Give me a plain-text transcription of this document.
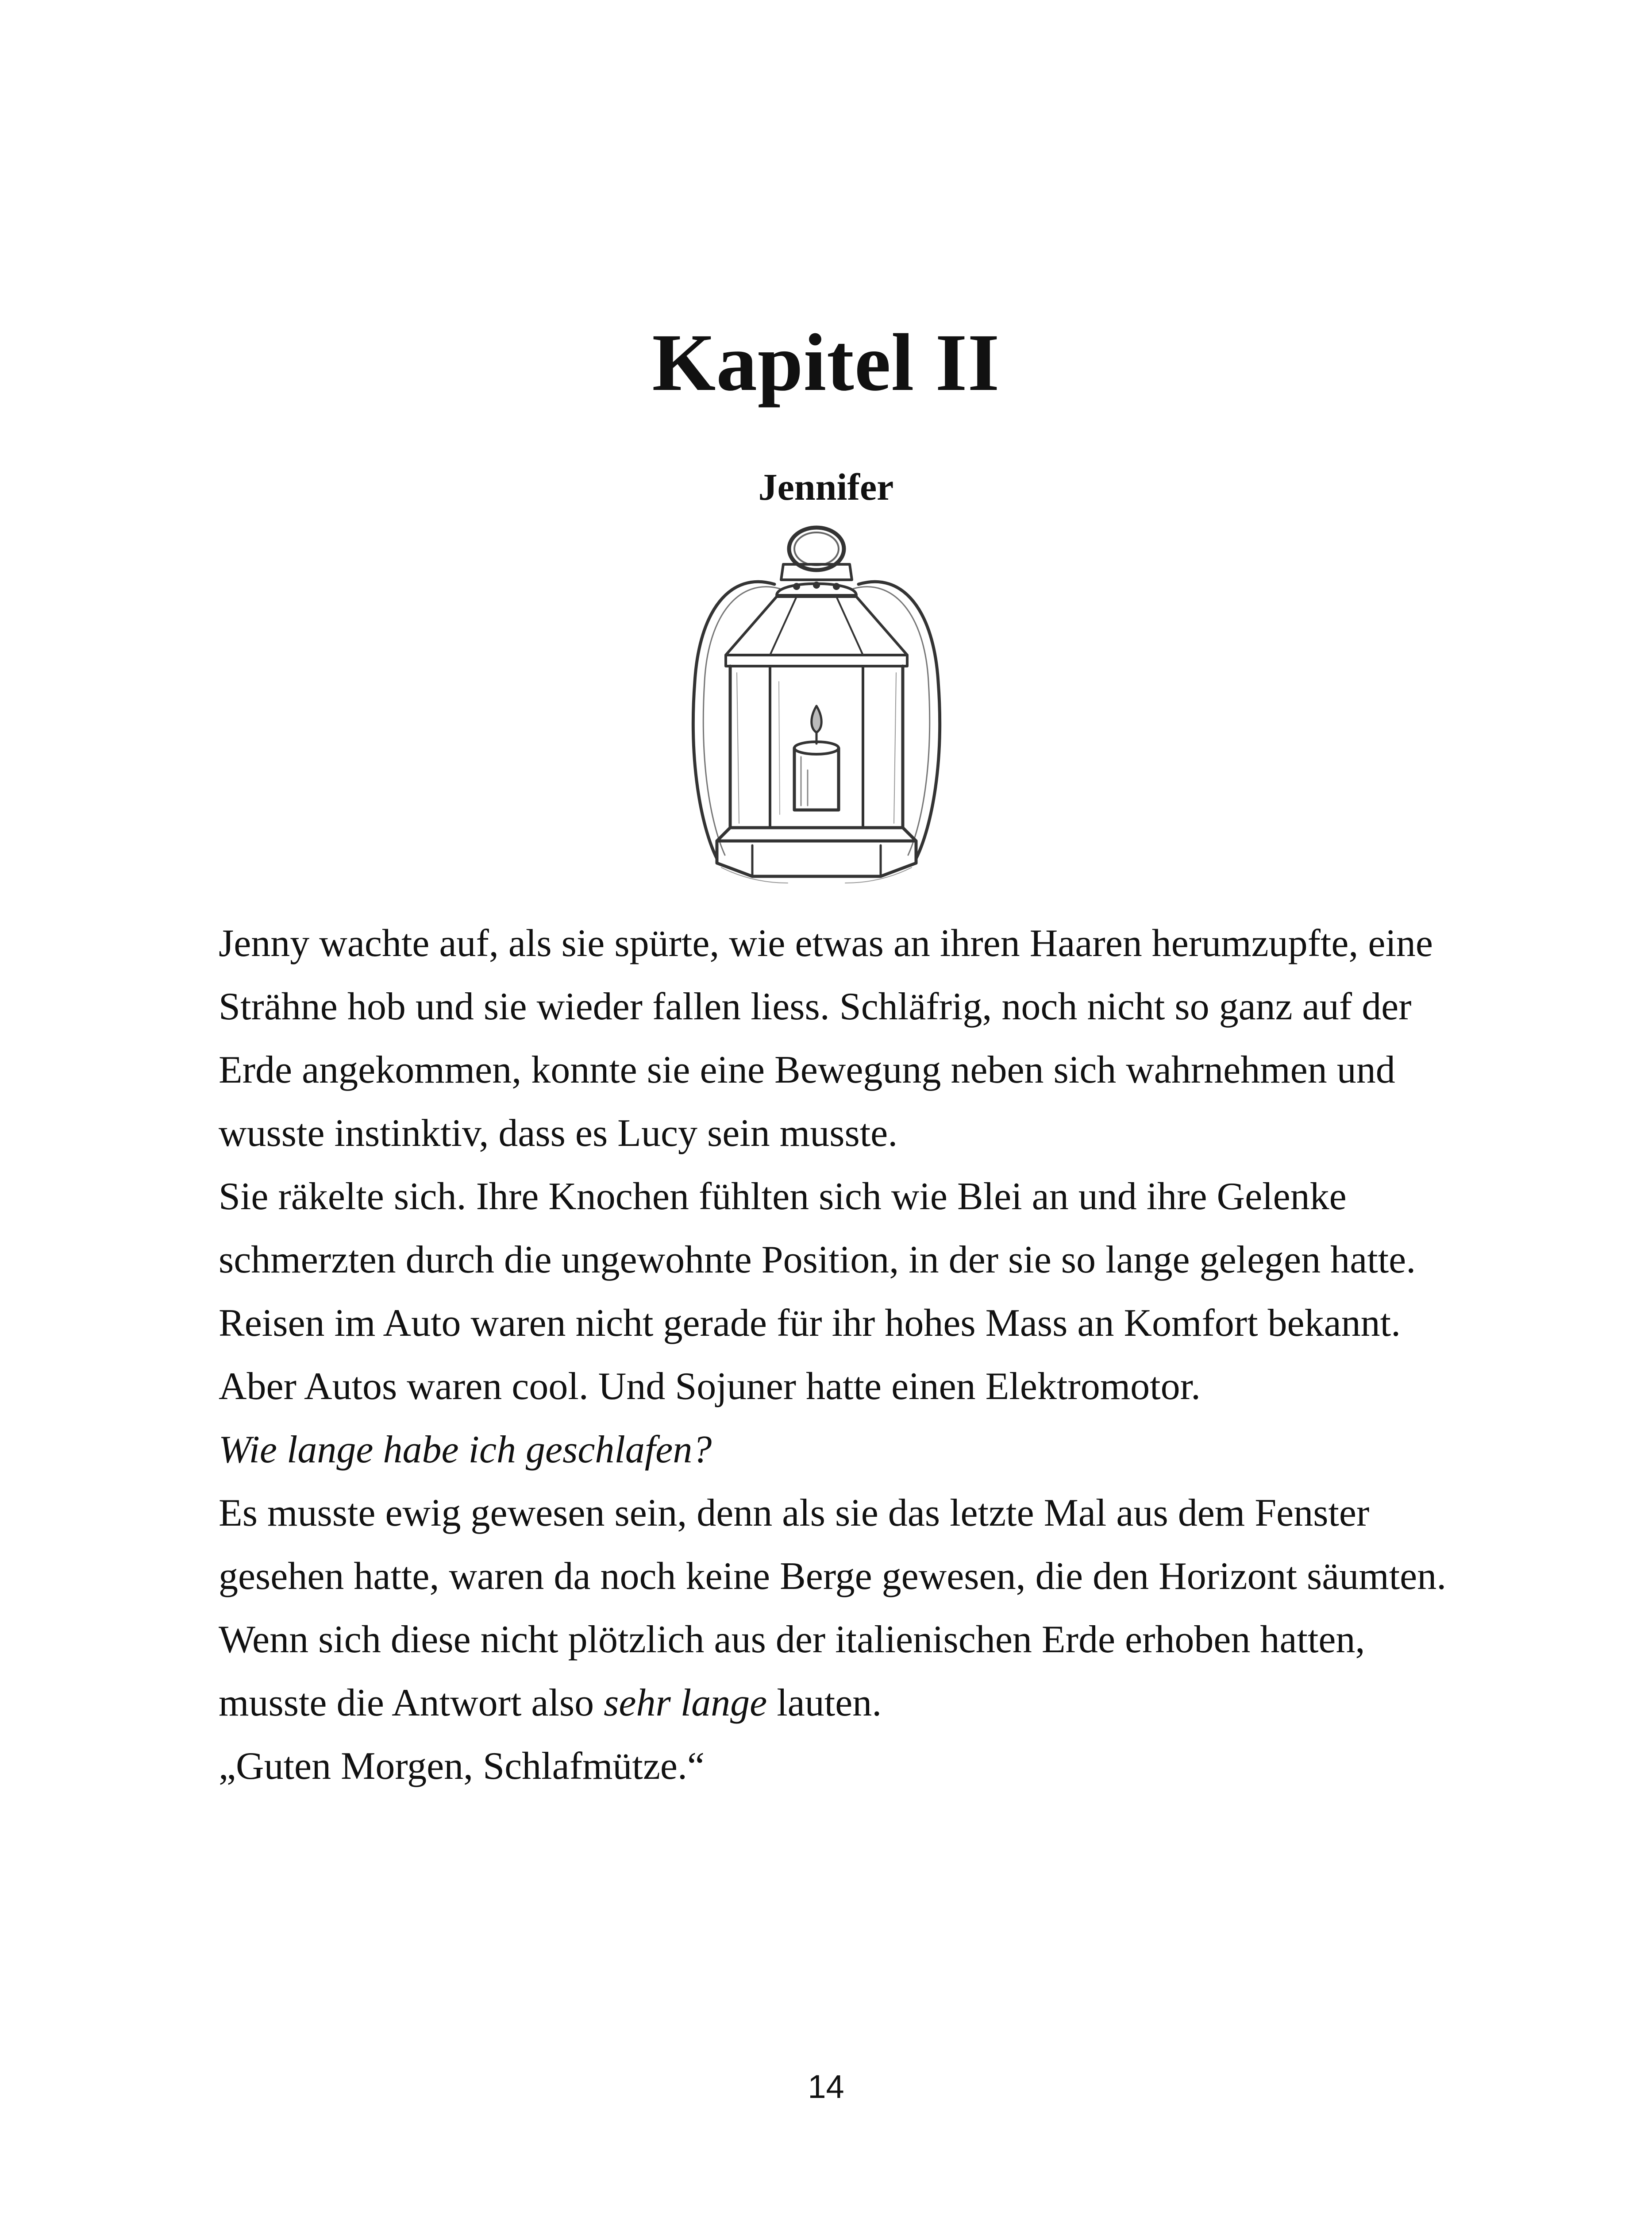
Kapitel II
Jennifer

Jenny wachte auf, als sie spürte, wie etwas an ihren Haaren herumzupfte, eine Strähne hob und sie wieder fallen liess. Schläfrig, noch nicht so ganz auf der Erde angekommen, konnte sie eine Bewegung neben sich wahrnehmen und wusste instinktiv, dass es Lucy sein musste.

Sie räkelte sich. Ihre Knochen fühlten sich wie Blei an und ihre Gelenke schmerzten durch die ungewohnte Position, in der sie so lange gelegen hatte. Reisen im Auto waren nicht gerade für ihr hohes Mass an Komfort bekannt. Aber Autos waren cool. Und Sojuner hatte einen Elektromotor.

Wie lange habe ich geschlafen?

Es musste ewig gewesen sein, denn als sie das letzte Mal aus dem Fenster gesehen hatte, waren da noch keine Berge gewesen, die den Horizont säumten. Wenn sich diese nicht plötzlich aus der italienischen Erde erhoben hatten, musste die Antwort also sehr lange lauten.

„Guten Morgen, Schlafmütze.“

14
